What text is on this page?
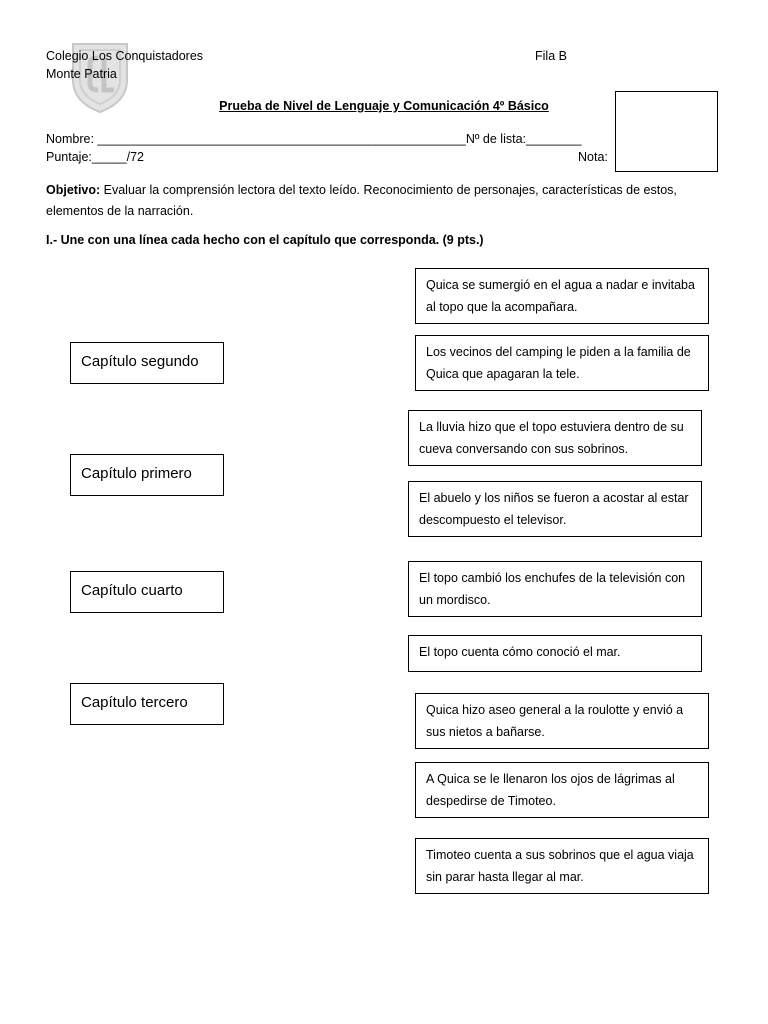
Colegio Los Conquistadores
Monte Patria
Fila B
Prueba de Nivel de Lenguaje y Comunicación 4º Básico
Nombre: _____________________________________________________Nº de lista:________
Puntaje:_____/72	Nota:
Objetivo: Evaluar la comprensión lectora del texto leído. Reconocimiento de personajes, características de estos, elementos de la narración.
I.- Une con una línea cada hecho con el capítulo que corresponda. (9 pts.)
Capítulo segundo
Capítulo primero
Capítulo cuarto
Capítulo tercero
Quica se sumergió en el agua a nadar e invitaba al topo que la acompañara.
Los vecinos del camping le piden a la familia de Quica que apagaran la tele.
La lluvia hizo que el topo estuviera dentro de su cueva conversando con sus sobrinos.
El abuelo y los niños se fueron a acostar al estar descompuesto el televisor.
El topo cambió los enchufes de la televisión con un mordisco.
El topo cuenta cómo conoció el mar.
Quica hizo aseo general a la roulotte y envió a sus nietos a bañarse.
A Quica se le llenaron los ojos de lágrimas al despedirse de Timoteo.
Timoteo cuenta a sus sobrinos que el agua viaja sin parar hasta llegar al mar.
